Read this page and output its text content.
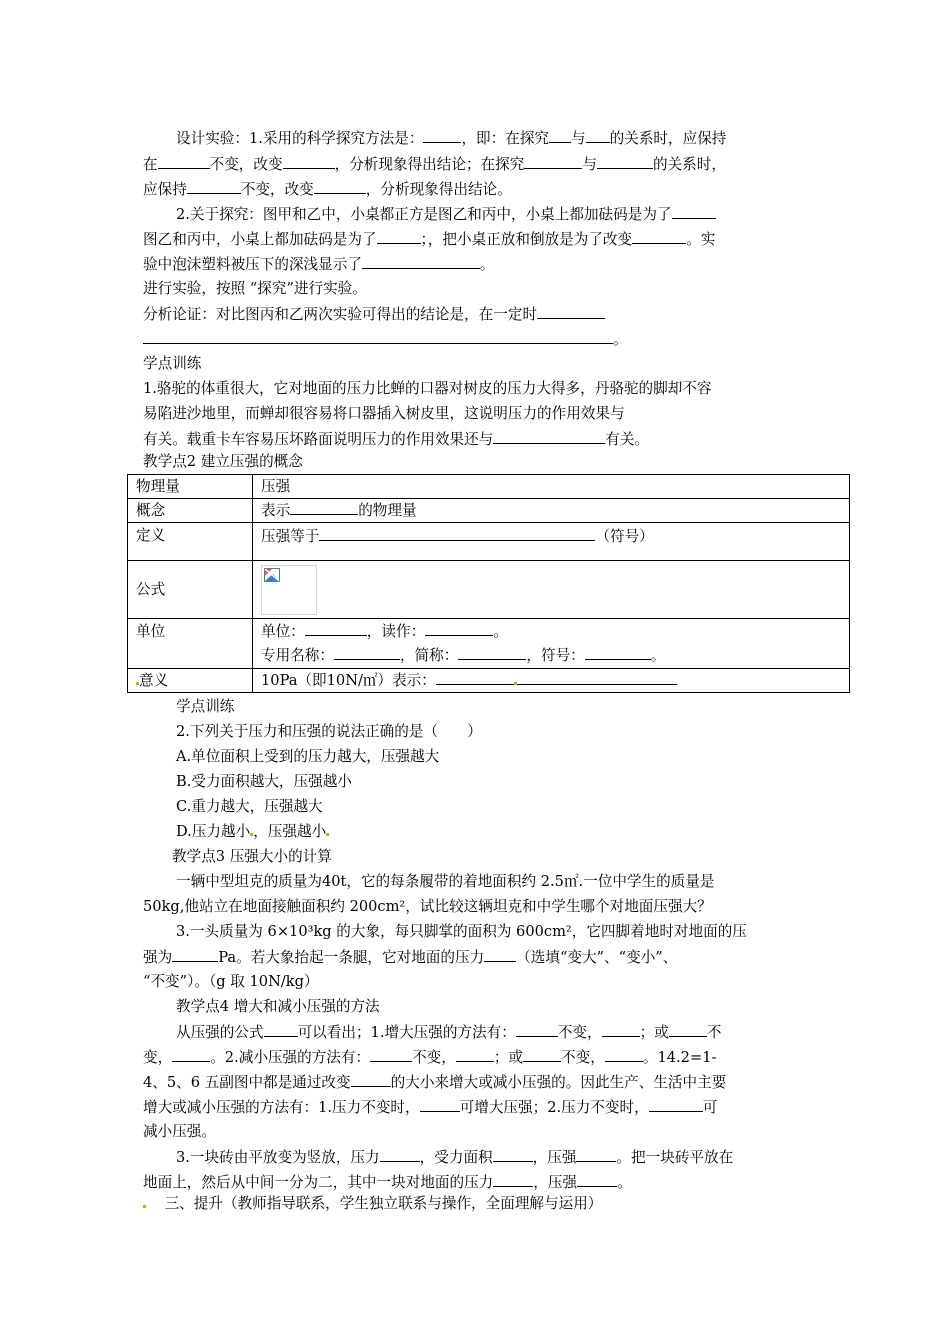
设计实验：1.采用的科学探究方法是：	，即：在探究 与 的关系时，应保持
在	不变，改变	，分析现象得出结论；在探究	与	的关系时，
应保持	不变，改变	，分析现象得出结论。
2.关于探究：图甲和乙中，小桌都正方是图乙和丙中，小桌上都加砝码是为了
图乙和丙中，小桌上都加砝码是为了	；，把小桌正放和倒放是为了改变	。实
验中泡沫塑料被压下的深浅显示了	。
进行实验，按照 “探究”进行实验。
分析论证：对比图丙和乙两次实验可得出的结论是，在一定时
。
学点训练
1.骆驼的体重很大，它对地面的压力比蝉的口器对树皮的压力大得多，丹骆驼的脚却不容
易陷进沙地里，而蝉却很容易将口器插入树皮里，这说明压力的作用效果与
有关。载重卡车容易压坏路面说明压力的作用效果还与	有关。
教学点2 建立压强的概念
物理量	压强
概念	表示 的物理量
定义	压强等于 （符号）
公式	

单位	单位： ，读作： 。
专用名称： ，简称： ，符号： 。

意义	10Pa（即10N/㎡）表示：
学点训练
2.下列关于压力和压强的说法正确的是（　　）
A.单位面积上受到的压力越大，压强越大
B.受力面积越大，压强越小
C.重力越大，压强越大
D.压力越小 ，压强越小
教学点3 压强大小的计算
一辆中型坦克的质量为40t，它的每条履带的着地面积约 2.5㎡.一位中学生的质量是
50kg,他站立在地面接触面积约 200cm²，试比较这辆坦克和中学生哪个对地面压强大？
3.一头质量为 6×10³kg 的大象，每只脚掌的面积为 600cm²，它四脚着地时对地面的压
强为	Pa。若大象抬起一条腿，它对地面的压力 （选填“变大”、“变小”、
“不变”）。（g 取 10N/kg）
教学点4 增大和减小压强的方法
从压强的公式 可以看出；1.增大压强的方法有：	不变，	；或	不
变，	。2.减小压强的方法有：	不变，	；或	不变，	。14.2=1-
4、5、6 五副图中都是通过改变	的大小来增大或减小压强的。因此生产、生活中主要
增大或减小压强的方法有：1.压力不变时，	可增大压强；2.压力不变时，	可
减小压强。
3.一块砖由平放变为竖放，压力	，受力面积	，压强	。把一块砖平放在
地面上，然后从中间一分为二，其中一块对地面的压力	，压强	。
三、提升（教师指导联系，学生独立联系与操作，全面理解与运用）
